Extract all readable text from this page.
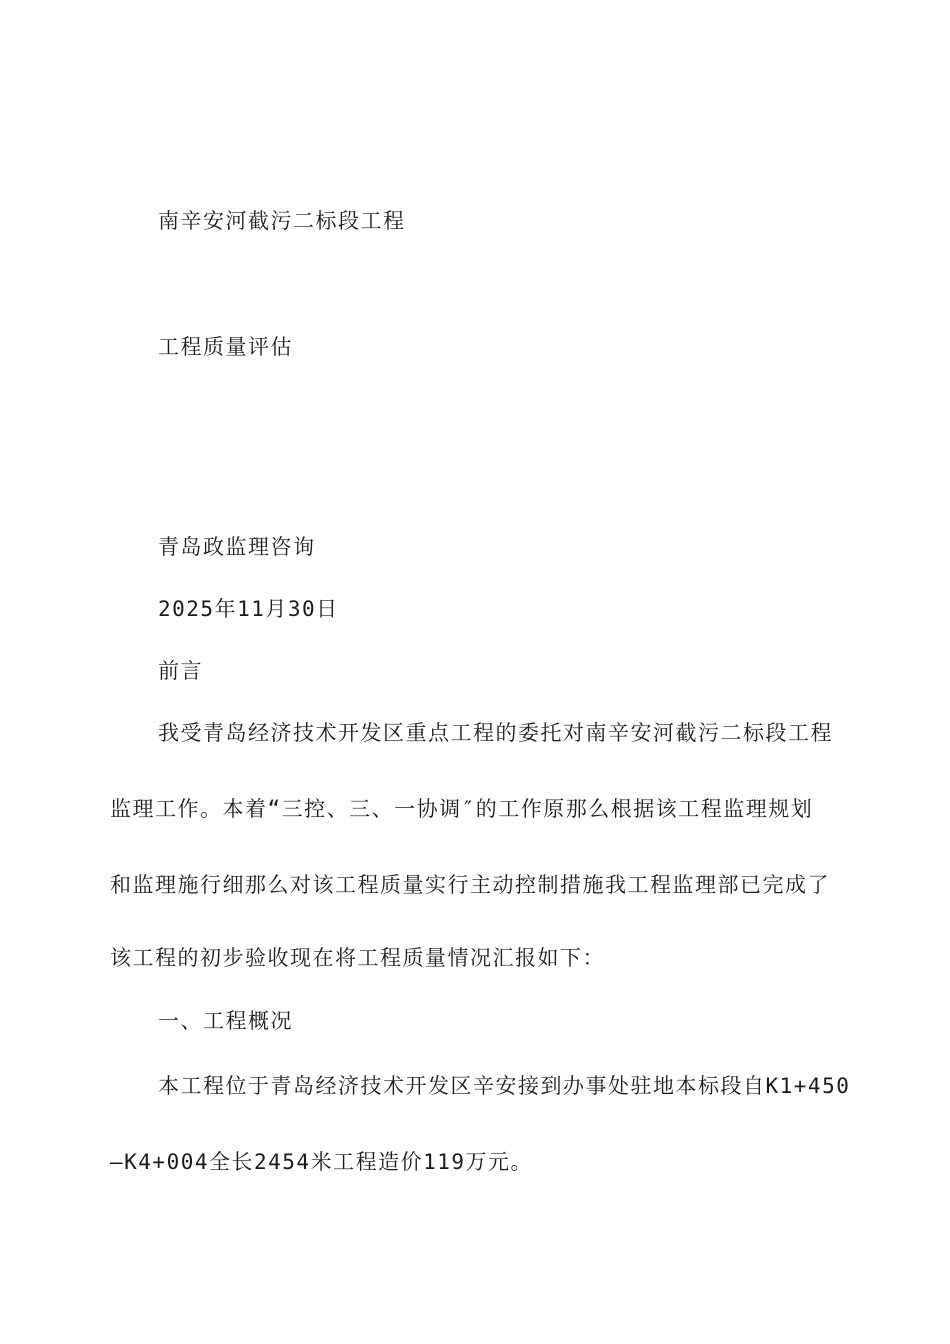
南辛安河截污二标段工程
工程质量评估
青岛政监理咨询
2025年11月30日
前言
我受青岛经济技术开发区重点工程的委托对南辛安河截污二标段工程
监理工作。本着“三控、三、一协调″的工作原那么根据该工程监理规划
和监理施行细那么对该工程质量实行主动控制措施我工程监理部已完成了
该工程的初步验收现在将工程质量情况汇报如下：
一、工程概况
本工程位于青岛经济技术开发区辛安接到办事处驻地本标段自K1+450
—K4+004全长2454米工程造价119万元。
